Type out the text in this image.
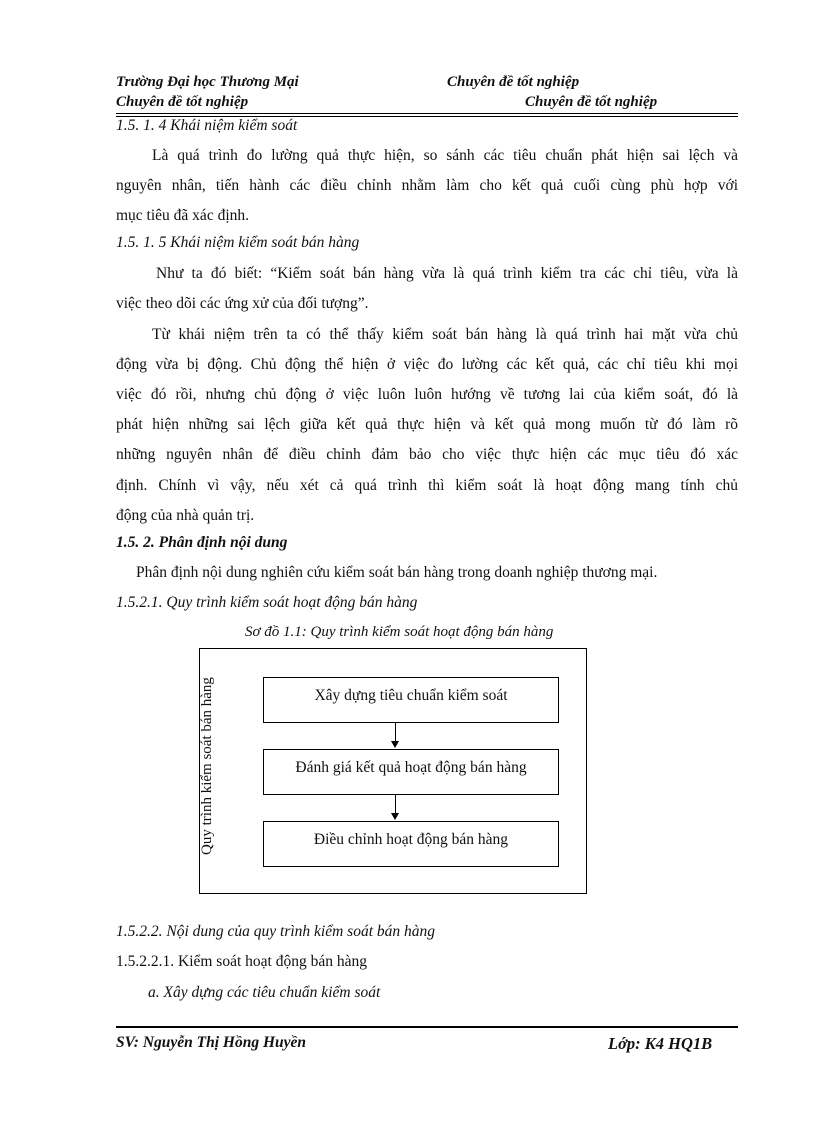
Trường Đại học Thương Mại	Chuyên đề tốt nghiệp
Chuyên đề tốt nghiệp	Chuyên đề tốt nghiệp
1.5. 1. 4 Khái niệm kiểm soát
Là quá trình đo lường quả thực hiện, so sánh các tiêu chuẩn phát hiện sai lệch và
nguyên nhân, tiến hành các điều chỉnh nhằm làm cho kết quả cuối cùng phù hợp với
mục tiêu đã xác định.
1.5. 1. 5 Khái niệm kiểm soát bán hàng
Như ta đó biết: “Kiểm soát bán hàng vừa là quá trình kiểm tra các chỉ tiêu, vừa là
việc theo dõi các ứng xử của đối tượng”.
Từ khái niệm trên ta có thể thấy kiểm soát bán hàng là quá trình hai mặt vừa chủ
động vừa bị động. Chủ động thể hiện ở việc đo lường các kết quả, các chỉ tiêu khi mọi
việc đó rồi, nhưng chủ động ở việc luôn luôn hướng về tương lai của kiểm soát, đó là
phát hiện những sai lệch giữa kết quả thực hiện và kết quả mong muốn từ đó làm rõ
những nguyên nhân để điều chỉnh đảm bảo cho việc thực hiện các mục tiêu đó xác
định. Chính vì vậy, nếu xét cả quá trình thì kiểm soát là hoạt động mang tính chủ
động của nhà quản trị.
1.5. 2. Phân định nội dung
Phân định nội dung nghiên cứu kiểm soát bán hàng trong doanh nghiệp thương mại.
1.5.2.1. Quy trình kiểm soát hoạt động bán hàng
Sơ đồ 1.1: Quy trình kiểm soát hoạt động bán hàng
Quy trình kiểm soát bán hàng	Xây dựng tiêu chuẩn kiểm soát
Đánh giá kết quả hoạt động bán hàng
Điều chỉnh hoạt động bán hàng
1.5.2.2. Nội dung của quy trình kiểm soát bán hàng
1.5.2.2.1. Kiểm soát hoạt động bán hàng
a. Xây dựng các tiêu chuẩn kiểm soát
SV: Nguyễn Thị Hồng Huyền	Lớp: K4 HQ1B
